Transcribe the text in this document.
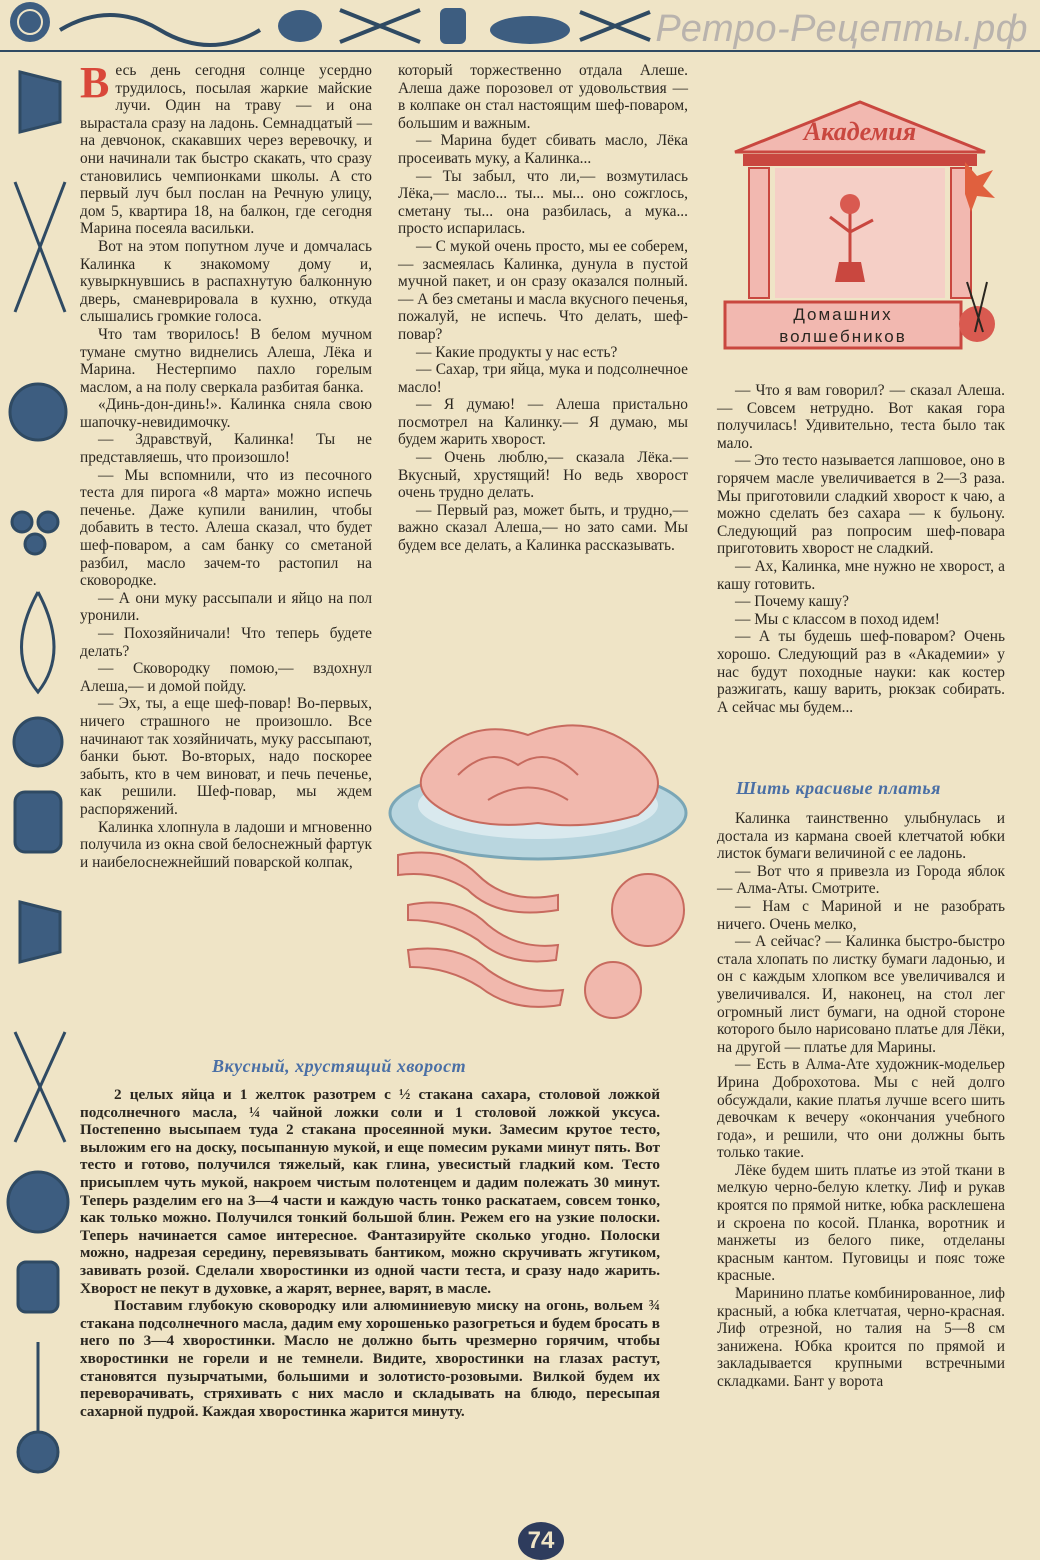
Ретро-Рецепты.рф

Весь день сегодня солнце усердно трудилось, посылая жаркие майские лучи. Один на траву — и она вырастала сразу на ладонь. Семнадцатый — на девчонок, скакавших через веревочку, и они начинали так быстро скакать, что сразу становились чемпионками школы. А сто первый луч был послан на Речную улицу, дом 5, квартира 18, на балкон, где сегодня Марина посеяла васильки.

Вот на этом попутном луче и домчалась Калинка к знакомому дому и, кувыркнувшись в распахнутую балконную дверь, сманеврировала в кухню, откуда слышались громкие голоса.

Что там творилось! В белом мучном тумане смутно виднелись Алеша, Лёка и Марина. Нестерпимо пахло горелым маслом, а на полу сверкала разбитая банка.

«Динь-дон-динь!». Калинка сняла свою шапочку-невидимочку.

— Здравствуй, Калинка! Ты не представляешь, что произошло!

— Мы вспомнили, что из песочного теста для пирога «8 марта» можно испечь печенье. Даже купили ванилин, чтобы добавить в тесто. Алеша сказал, что будет шеф-поваром, а сам банку со сметаной разбил, масло зачем-то растопил на сковородке.

— А они муку рассыпали и яйцо на пол уронили.

— Похозяйничали! Что теперь будете делать?

— Сковородку помою,— вздохнул Алеша,— и домой пойду.

— Эх, ты, а еще шеф-повар! Во-первых, ничего страшного не произошло. Все начинают так хозяйничать, муку рассыпают, банки бьют. Во-вторых, надо поскорее забыть, кто в чем виноват, и печь печенье, как решили. Шеф-повар, мы ждем распоряжений.

Калинка хлопнула в ладоши и мгновенно получила из окна свой белоснежный фартук и наибелоснежнейший поварской колпак,

который торжественно отдала Алеше. Алеша даже порозовел от удовольствия — в колпаке он стал настоящим шеф-поваром, большим и важным.

— Марина будет сбивать масло, Лёка просеивать муку, а Калинка...

— Ты забыл, что ли,— возмутилась Лёка,— масло... ты... мы... оно сожглось, сметану ты... она разбилась, а мука... просто испарилась.

— С мукой очень просто, мы ее соберем,— засмеялась Калинка, дунула в пустой мучной пакет, и он сразу оказался полный.— А без сметаны и масла вкусного печенья, пожалуй, не испечь. Что делать, шеф-повар?

— Какие продукты у нас есть?

— Сахар, три яйца, мука и подсолнечное масло!

— Я думаю! — Алеша пристально посмотрел на Калинку.— Я думаю, мы будем жарить хворост.

— Очень люблю,— сказала Лёка.— Вкусный, хрустящий! Но ведь хворост очень трудно делать.

— Первый раз, может быть, и трудно,— важно сказал Алеша,— но зато сами. Мы будем все делать, а Калинка рассказывать.

Академия
Домашних
волшебников

— Что я вам говорил? — сказал Алеша.— Совсем нетрудно. Вот какая гора получилась! Удивительно, теста было так мало.

— Это тесто называется лапшовое, оно в горячем масле увеличивается в 2—3 раза. Мы приготовили сладкий хворост к чаю, а можно сделать без сахара — к бульону. Следующий раз попросим шеф-повара приготовить хворост не сладкий.

— Ах, Калинка, мне нужно не хворост, а кашу готовить.

— Почему кашу?

— Мы с классом в поход идем!

— А ты будешь шеф-поваром? Очень хорошо. Следующий раз в «Академии» у нас будут походные науки: как костер разжигать, кашу варить, рюкзак собирать. А сейчас мы будем...

Шить красивые платья

Калинка таинственно улыбнулась и достала из кармана своей клетчатой юбки листок бумаги величиной с ее ладонь.

— Вот что я привезла из Города яблок — Алма-Аты. Смотрите.

— Нам с Мариной и не разобрать ничего. Очень мелко,

— А сейчас? — Калинка быстро-быстро стала хлопать по листку бумаги ладонью, и он с каждым хлопком все увеличивался и увеличивался. И, наконец, на стол лег огромный лист бумаги, на одной стороне которого было нарисовано платье для Лёки, на другой — платье для Марины.

— Есть в Алма-Ате художник-модельер Ирина Доброхотова. Мы с ней долго обсуждали, какие платья лучше всего шить девочкам к вечеру «окончания учебного года», и решили, что они должны быть только такие.

Лёке будем шить платье из этой ткани в мелкую черно-белую клетку. Лиф и рукав кроятся по прямой нитке, юбка расклешена и скроена по косой. Планка, воротник и манжеты из белого пике, отделаны красным кантом. Пуговицы и пояс тоже красные.

Маринино платье комбинированное, лиф красный, а юбка клетчатая, черно-красная. Лиф отрезной, но талия на 5—8 см занижена. Юбка кроится по прямой и закладывается крупными встречными складками. Бант у ворота

Вкусный, хрустящий хворост

2 целых яйца и 1 желток разотрем с ½ стакана сахара, столовой ложкой подсолнечного масла, ¼ чайной ложки соли и 1 столовой ложкой уксуса. Постепенно высыпаем туда 2 стакана просеянной муки. Замесим крутое тесто, выложим его на доску, посыпанную мукой, и еще помесим руками минут пять. Вот тесто и готово, получился тяжелый, как глина, увесистый гладкий ком. Тесто присыплем чуть мукой, накроем чистым полотенцем и дадим полежать 30 минут. Теперь разделим его на 3—4 части и каждую часть тонко раскатаем, совсем тонко, как только можно. Получился тонкий большой блин. Режем его на узкие полоски. Теперь начинается самое интересное. Фантазируйте сколько угодно. Полоски можно, надрезая середину, перевязывать бантиком, можно скручивать жгутиком, завивать розой. Сделали хворостинки из одной части теста, и сразу надо жарить. Хворост не пекут в духовке, а жарят, вернее, варят, в масле.

Поставим глубокую сковородку или алюминиевую миску на огонь, вольем ¾ стакана подсолнечного масла, дадим ему хорошенько разогреться и будем бросать в него по 3—4 хворостинки. Масло не должно быть чрезмерно горячим, чтобы хворостинки не горели и не темнели. Видите, хворостинки на глазах растут, становятся пузырчатыми, большими и золотисто-розовыми. Вилкой будем их переворачивать, стряхивать с них масло и складывать на блюдо, пересыпая сахарной пудрой. Каждая хворостинка жарится минуту.

74
